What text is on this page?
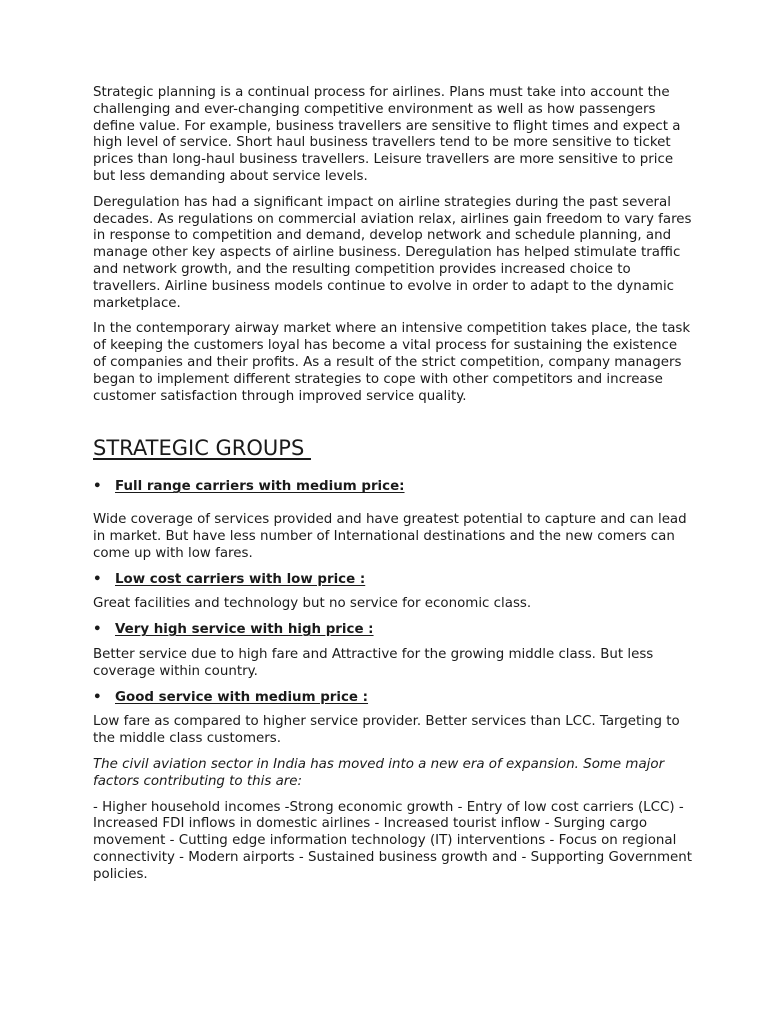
Strategic planning is a continual process for airlines. Plans must take into account the challenging and ever-changing competitive environment as well as how passengers define value. For example, business travellers are sensitive to flight times and expect a high level of service. Short haul business travellers tend to be more sensitive to ticket prices than long-haul business travellers. Leisure travellers are more sensitive to price but less demanding about service levels.

Deregulation has had a significant impact on airline strategies during the past several decades. As regulations on commercial aviation relax, airlines gain freedom to vary fares in response to competition and demand, develop network and schedule planning, and manage other key aspects of airline business. Deregulation has helped stimulate traffic and network growth, and the resulting competition provides increased choice to travellers. Airline business models continue to evolve in order to adapt to the dynamic marketplace.

In the contemporary airway market where an intensive competition takes place, the task of keeping the customers loyal has become a vital process for sustaining the existence of companies and their profits. As a result of the strict competition, company managers began to implement different strategies to cope with other competitors and increase customer satisfaction through improved service quality.

STRATEGIC GROUPS
• Full range carriers with medium price:

Wide coverage of services provided and have greatest potential to capture and can lead in market. But have less number of International destinations and the new comers can come up with low fares.

• Low cost carriers with low price :

Great facilities and technology but no service for economic class.

• Very high service with high price :

Better service due to high fare and Attractive for the growing middle class. But less coverage within country.

• Good service with medium price :

Low fare as compared to higher service provider. Better services than LCC. Targeting to the middle class customers.

The civil aviation sector in India has moved into a new era of expansion. Some major factors contributing to this are:

- Higher household incomes -Strong economic growth - Entry of low cost carriers (LCC) -Increased FDI inflows in domestic airlines - Increased tourist inflow - Surging cargo movement - Cutting edge information technology (IT) interventions - Focus on regional connectivity - Modern airports - Sustained business growth and - Supporting Government policies.
